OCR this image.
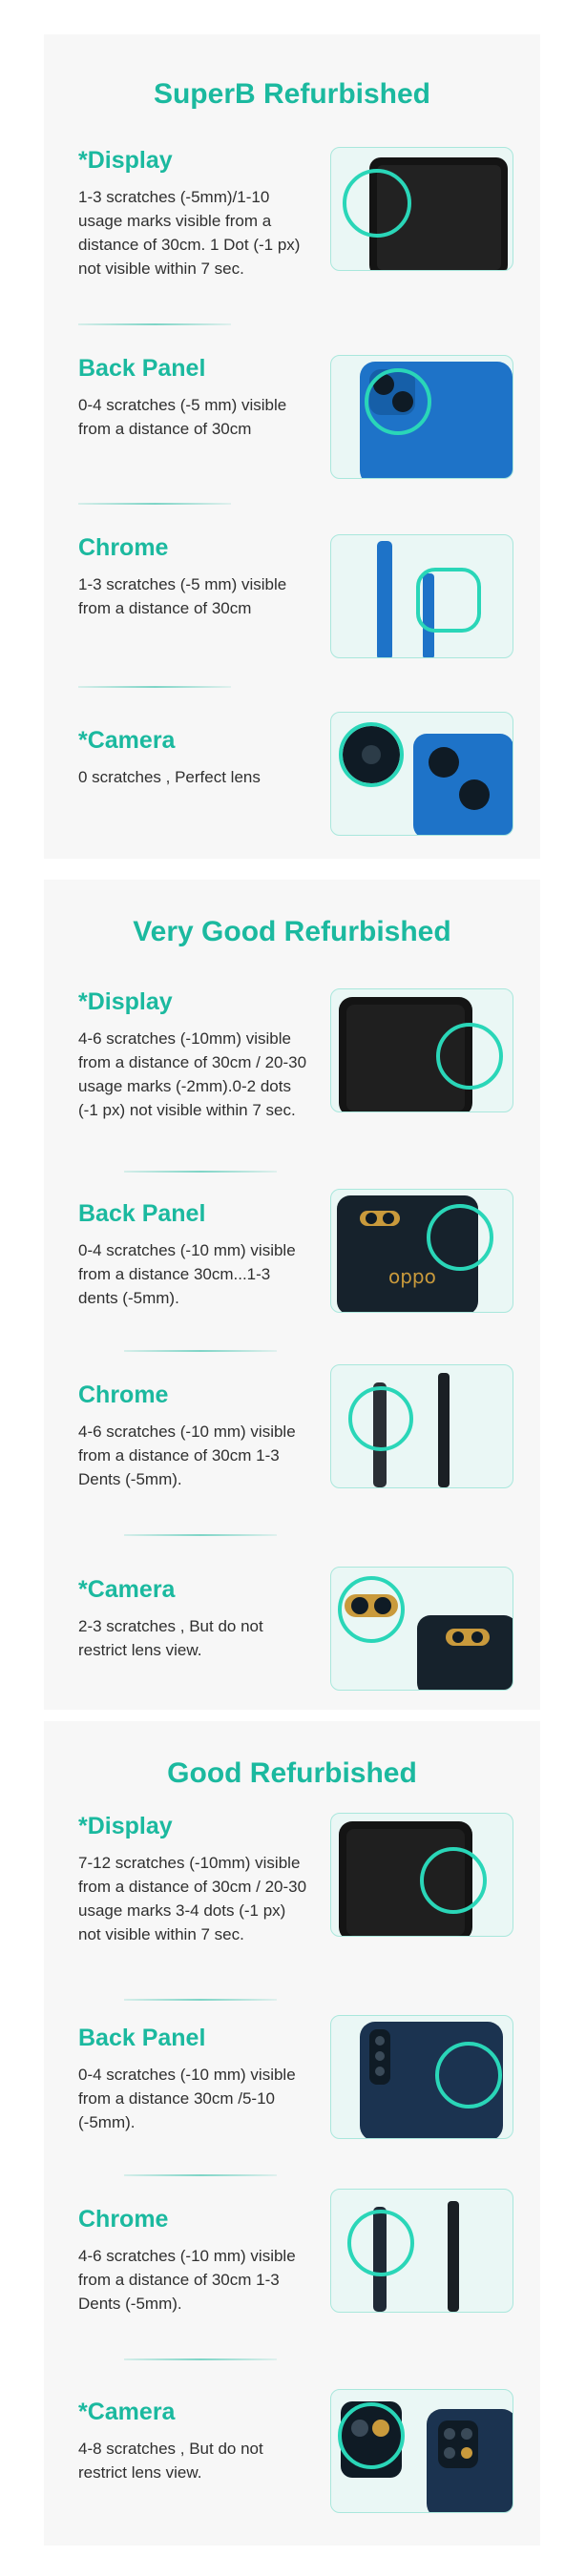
SuperB Refurbished
*Display
1-3 scratches (-5mm)/1-10 usage marks visible from a distance of 30cm. 1 Dot (-1 px) not visible within 7 sec.
Back Panel
0-4 scratches (-5 mm) visible from a distance of 30cm
Chrome
1-3 scratches (-5 mm) visible from a distance of 30cm
*Camera
0 scratches , Perfect lens
Very Good Refurbished
*Display
4-6 scratches (-10mm) visible from a distance of 30cm / 20-30 usage marks (-2mm).0-2 dots (-1 px) not visible within 7 sec.
Back Panel
0-4 scratches (-10 mm) visible from a distance 30cm...1-3 dents (-5mm).
oppo
Chrome
4-6 scratches (-10 mm) visible from a distance of 30cm 1-3 Dents (-5mm).
*Camera
2-3 scratches , But do not restrict lens view.
Good Refurbished
*Display
7-12 scratches (-10mm) visible from a distance of 30cm / 20-30 usage marks 3-4 dots (-1 px) not visible within 7 sec.
Back Panel
0-4 scratches (-10 mm) visible from a distance 30cm /5-10 (-5mm).
Chrome
4-6 scratches (-10 mm) visible from a distance of 30cm 1-3 Dents (-5mm).
*Camera
4-8 scratches , But do not restrict lens view.
